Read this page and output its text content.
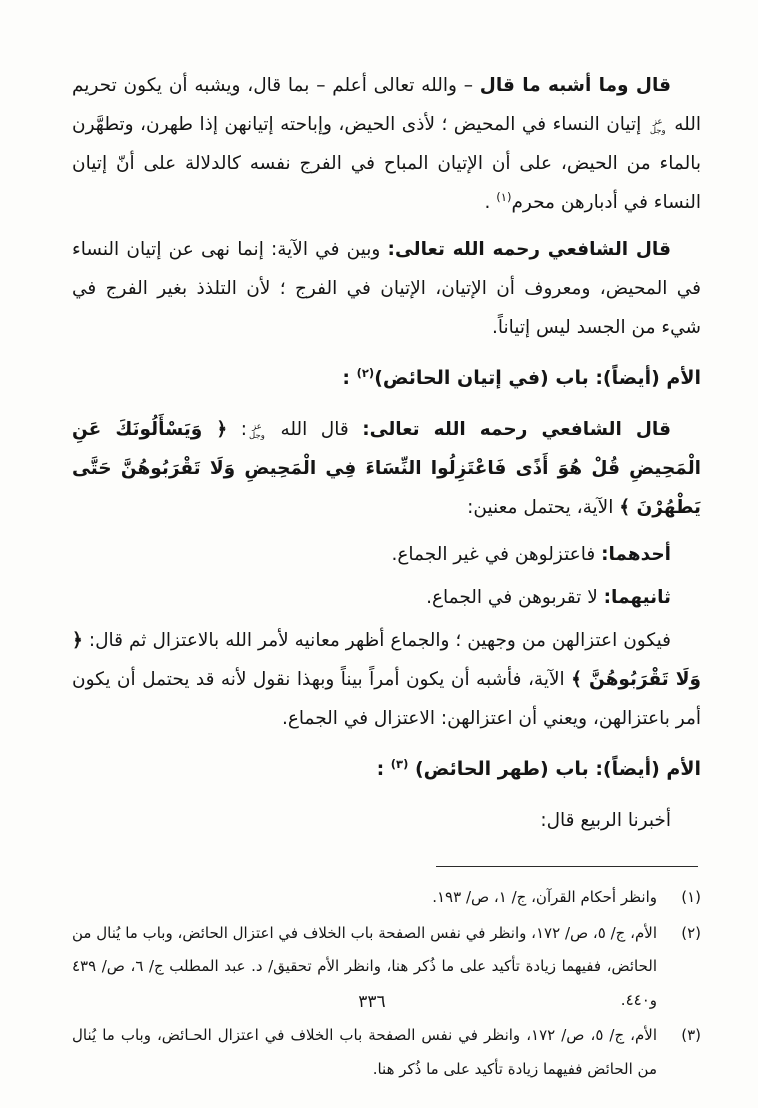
قال وما أشبه ما قال – والله تعالى أعلم – بما قال، ويشبه أن يكون تحريم الله عز وجل إتيان النساء في المحيض ؛ لأذى الحيض، وإباحته إتيانهن إذا طهرن، وتطهَّرن بالماء من الحيض، على أن الإتيان المباح في الفرج نفسه كالدلالة على أنّ إتيان النساء في أدبارهن محرم$^{(١)}$ .

قال الشافعي رحمه الله تعالى: وبين في الآية: إنما نهى عن إتيان النساء في المحيض، ومعروف أن الإتيان، الإتيان في الفرج ؛ لأن التلذذ بغير الفرج في شيء من الجسد ليس إتياناً.

الأم (أيضاً): باب (في إتيان الحائض)$^{(٢)}$ :

قال الشافعي رحمه الله تعالى: قال الله عز وجل: ﴿ وَيَسْأَلُونَكَ عَنِ الْمَحِيضِ قُلْ هُوَ أَذًى فَاعْتَزِلُوا النِّسَاءَ فِي الْمَحِيضِ وَلَا تَقْرَبُوهُنَّ حَتَّى يَطْهُرْنَ ﴾ الآية، يحتمل معنين:

أحدهما: فاعتزلوهن في غير الجماع.

ثانيهما: لا تقربوهن في الجماع.

فيكون اعتزالهن من وجهين ؛ والجماع أظهر معانيه لأمر الله بالاعتزال ثم قال: ﴿ وَلَا تَقْرَبُوهُنَّ ﴾ الآية، فأشبه أن يكون أمراً بيناً وبهذا نقول لأنه قد يحتمل أن يكون أمر باعتزالهن، ويعني أن اعتزالهن: الاعتزال في الجماع.

الأم (أيضاً): باب (طهر الحائض) $^{(٣)}$ :

أخبرنا الربيع قال:

(١)
وانظر أحكام القرآن، ج/ ١، ص/ ١٩٣.
(٢)
الأم، ج/ ٥، ص/ ١٧٢، وانظر في نفس الصفحة باب الخلاف في اعتزال الحائض، وباب ما يُنال من الحائض، ففيهما زيادة تأكيد على ما ذُكر هنا، وانظر الأم تحقيق/ د. عبد المطلب ج/ ٦، ص/ ٤٣٩ و٤٤٠.
(٣)
الأم، ج/ ٥، ص/ ١٧٢، وانظر في نفس الصفحة باب الخلاف في اعتزال الحـائض، وباب ما يُنال من الحائض ففيهما زيادة تأكيد على ما ذُكر هنا.
٣٣٦
